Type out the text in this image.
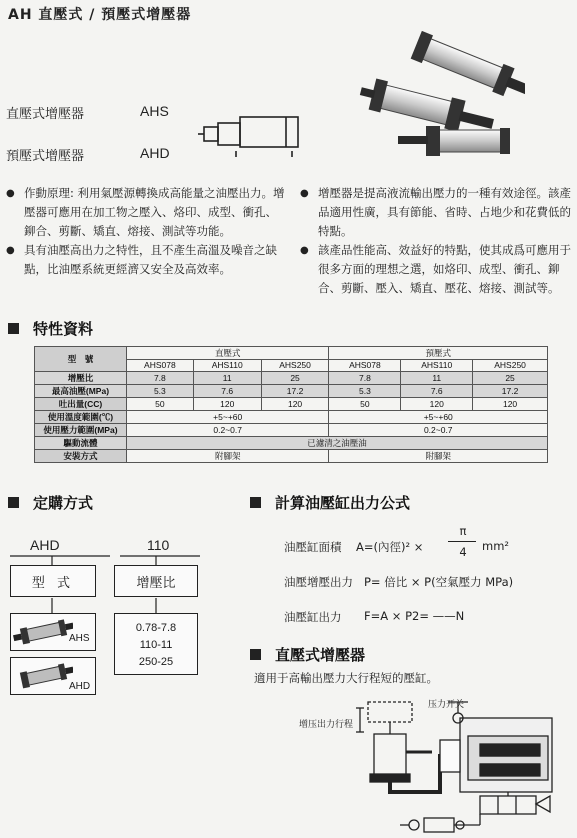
AH 直壓式 / 預壓式增壓器
直壓式增壓器	AHS
預壓式增壓器	AHD
● 作動原理: 利用氣壓源轉換成高能量之油壓出力。增壓器可應用在加工物之壓入、烙印、成型、衝孔、鉚合、剪斷、矯直、熔接、測試等功能。
● 具有油壓高出力之特性，且不產生高溫及噪音之缺點，比油壓系統更經濟又安全及高效率。
● 增壓器是提高液流輸出壓力的一種有效途徑。該產品適用性廣，具有節能、省時、占地少和花費低的特點。
● 該產品性能高、效益好的特點，使其成爲可應用于很多方面的理想之選，如烙印、成型、衝孔、鉚合、剪斷、壓入、矯直、壓花、熔接、測試等。
特性資料
型　號	直壓式			預壓式		
	AHS078	AHS110	AHS250	AHS078	AHS110	AHS250
增壓比	7.8	11	25	7.8	11	25
最高油壓(MPa)	5.3	7.6	17.2	5.3	7.6	17.2
吐出量(CC)	50	120	120	50	120	120
使用溫度範圍(℃)	+5~+60			+5~+60		
使用壓力範圍(MPa)	0.2~0.7			0.2~0.7		
驅動流體	已濾清之油壓油					
安裝方式	附腳架			附腳架		
定購方式
AHD	110
型 式	增壓比
AHS
AHD
0.78-7.8
110-11
250-25
計算油壓缸出力公式
油壓缸面積 A=(內徑)² ×
π
4	mm²
油壓增壓出力 P= 倍比 × P(空氣壓力 MPa)
油壓缸出力 F=A × P2= ——N
直壓式增壓器
適用于高輸出壓力大行程短的壓缸。
增压出力行程
压力开关
